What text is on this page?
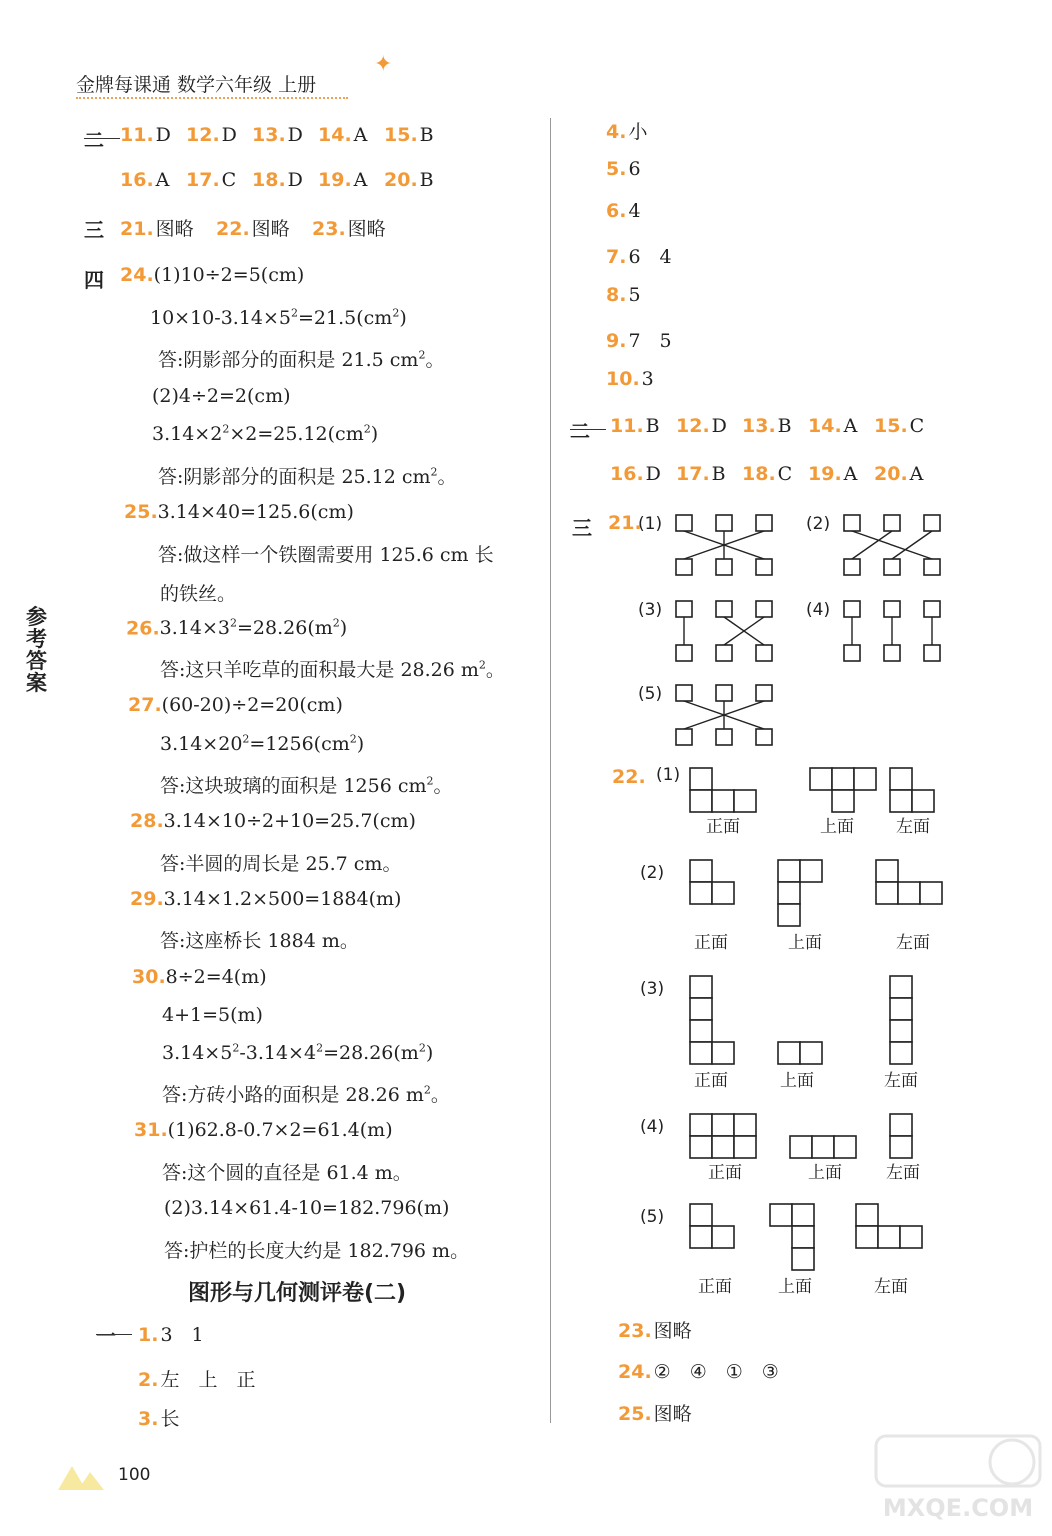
金牌每课通 数学六年级 上册
✦
参考答案
二 11. D 12. D 13. D 14. A 15. B
16. A 17. C 18. D 19. A 20. B
三 21. 图略 22. 图略 23. 图略
四 24.(1)10÷2=5(cm)
$10\times 10-3.14\times 5^2=21.5(cm^2)$
答:阴影部分的面积是 21.5 $cm^2$。
(2)4÷2=2(cm)
$3.14\times 2^2\times 2=25.12(cm^2)$
答:阴影部分的面积是 25.12 $cm^2$。
25.3.14×40=125.6(cm)
答:做这样一个铁圈需要用 125.6 cm 长
的铁丝。
$26.3.14\times 3^2=28.26(m^2)$
答:这只羊吃草的面积最大是 28.26 $m^2$。
27.(60-20)÷2=20(cm)
$3.14\times 20^2=1256(cm^2)$
答:这块玻璃的面积是 1256 $cm^2$。
28.3.14×10÷2+10=25.7(cm)
答:半圆的周长是 25.7 cm。
29.3.14×1.2×500=1884(m)
答:这座桥长 1884 m。
30.8÷2=4(m)
4+1=5(m)
$3.14\times 5^2-3.14\times 4^2=28.26(m^2)$
答:方砖小路的面积是 28.26 $m^2$。
31.(1)62.8-0.7×2=61.4(m)
答:这个圆的直径是 61.4 m。
(2)3.14×61.4-10=182.796(m)
答:护栏的长度大约是 182.796 m。
一 1. 3　1
2. 左　上　正
3. 长
图形与几何测评卷(二)
4. 小
5. 6
6. 4
7. 6　4
8. 5
9. 7　5
10. 3
二 11. B 12. D 13. B 14. A 15. C
16. D 17. B 18. C 19. A 20. A
三 21.
22.
23. 图略
24. ②　④　①　③
25. 图略
(1)	(2)
(3)	(4)
(5)
(1)
正面	上面 左面
(2)
正面	上面	左面
(3)
正面	上面	左面
(4)
正面	上面	左面
(5)
正面	上面	左面
100
MXQE.COM
